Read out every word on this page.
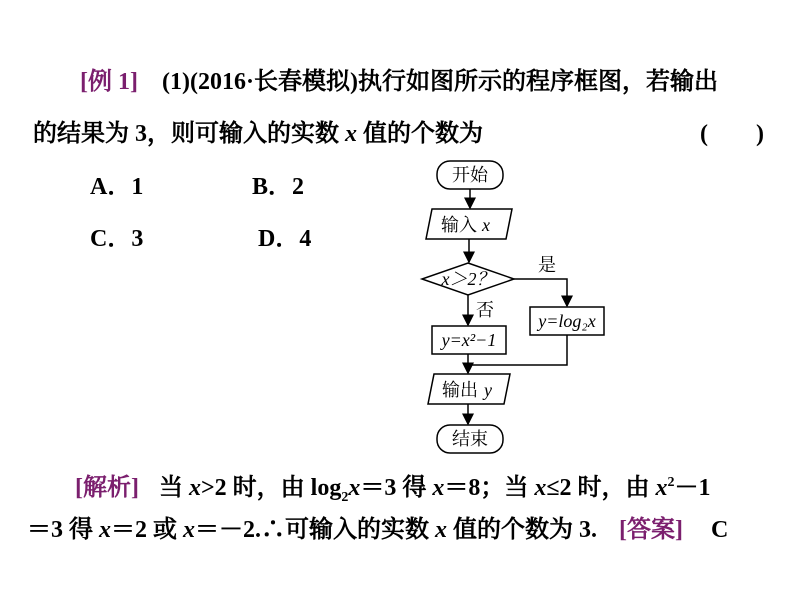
[例 1] (1)(2016·长春模拟)执行如图所示的程序框图，若输出
的结果为 3，则可输入的实数 x 值的个数为	(　　)
A．1	B．2
C．3	D．4
开始
输入 x
x＞2？
是
否
y=x²−1
y=log₂x
输出 y
结束
[解析] 当 x>2 时，由 $\log_2x=3$ 得 x＝8；当 x≤2 时，由 $x^2-1$
＝3 得 x＝2 或 x＝－2.∴可输入的实数 x 值的个数为 3. [答案] C
